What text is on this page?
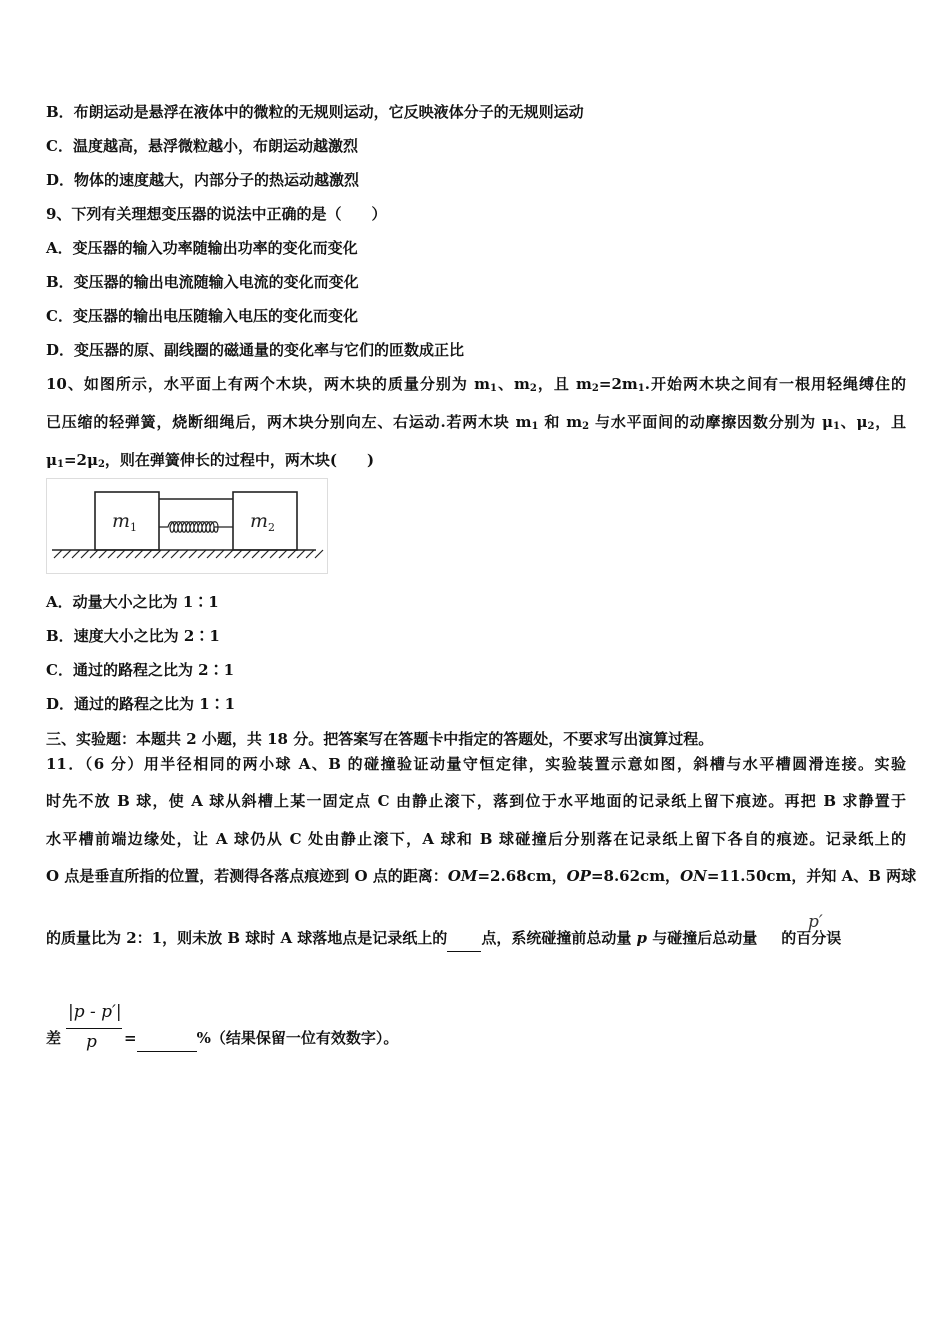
B．布朗运动是悬浮在液体中的微粒的无规则运动，它反映液体分子的无规则运动
C．温度越高，悬浮微粒越小，布朗运动越激烈
D．物体的速度越大，内部分子的热运动越激烈
9、下列有关理想变压器的说法中正确的是（　　）
A．变压器的输入功率随输出功率的变化而变化
B．变压器的输出电流随输入电流的变化而变化
C．变压器的输出电压随输入电压的变化而变化
D．变压器的原、副线圈的磁通量的变化率与它们的匝数成正比
10、如图所示，水平面上有两个木块，两木块的质量分别为 $m_1$、$m_2$，且 $m_2=2m_1$.开始两木块之间有一根用轻绳缚住的
已压缩的轻弹簧，烧断细绳后，两木块分别向左、右运动.若两木块 $m_1$ 和 $m_2$ 与水平面间的动摩擦因数分别为 $\mu_1$、$\mu_2$，且
$\mu_1=2\mu_2$，则在弹簧伸长的过程中，两木块(　　)
$m_1$	$m_2$
A．动量大小之比为 1∶1
B．速度大小之比为 2∶1
C．通过的路程之比为 2∶1
D．通过的路程之比为 1∶1
三、实验题：本题共 2 小题，共 18 分。把答案写在答题卡中指定的答题处，不要求写出演算过程。
11．（6 分）用半径相同的两小球 A、B 的碰撞验证动量守恒定律，实验装置示意如图，斜槽与水平槽圆滑连接。实验
时先不放 B 球，使 A 球从斜槽上某一固定点 C 由静止滚下，落到位于水平地面的记录纸上留下痕迹。再把 B 求静置于
水平槽前端边缘处，让 A 球仍从 C 处由静止滚下，A 球和 B 球碰撞后分别落在记录纸上留下各自的痕迹。记录纸上的
O 点是垂直所指的位置，若测得各落点痕迹到 O 点的距离：OM=2.68cm，OP=8.62cm，ON=11.50cm，并知 A、B 两球
的质量比为 2：1，则未放 B 球时 A 球落地点是记录纸上的 点，系统碰撞前总动量 p 与碰撞后总动量 的百分误
p′
差
|p - p′|
p =	%（结果保留一位有效数字）。
